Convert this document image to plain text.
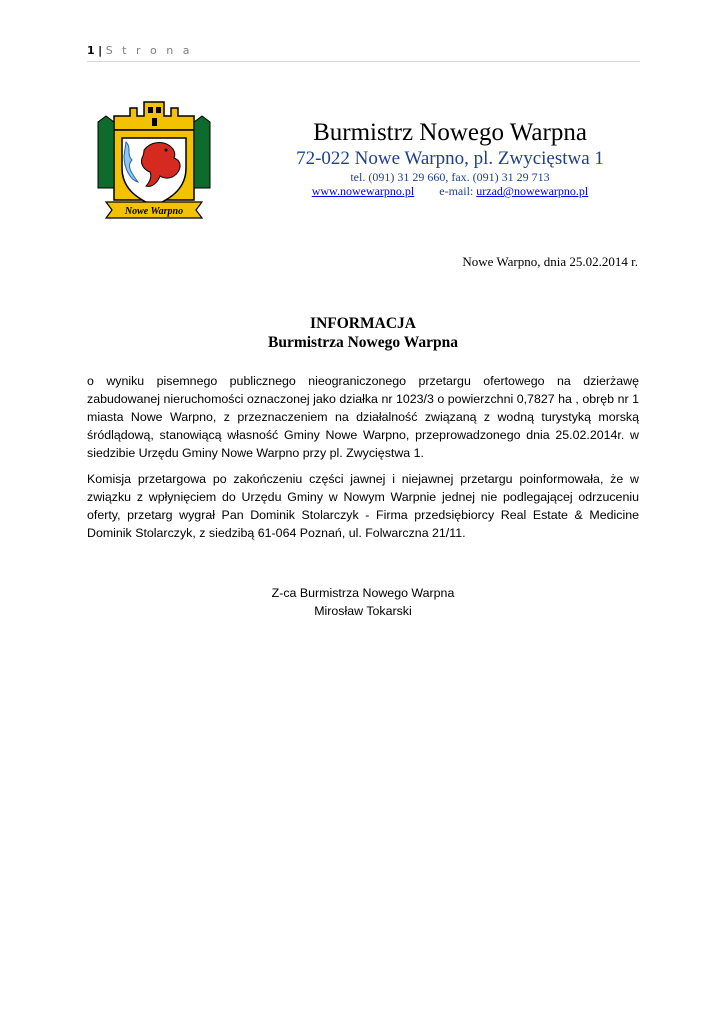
1 | S t r o n a
Nowe Warpno
Burmistrz Nowego Warpna
72-022 Nowe Warpno, pl. Zwycięstwa 1
tel. (091) 31 29 660, fax. (091) 31 29 713
www.nowewarpno.pl e-mail: urzad@nowewarpno.pl
Nowe Warpno, dnia 25.02.2014 r.
INFORMACJA
Burmistrza Nowego Warpna

o wyniku pisemnego publicznego nieograniczonego przetargu ofertowego na dzierżawę zabudowanej nieruchomości oznaczonej jako działka nr 1023/3 o powierzchni 0,7827 ha , obręb nr 1 miasta Nowe Warpno, z przeznaczeniem na działalność związaną z wodną turystyką morską śródlądową, stanowiącą własność Gminy Nowe Warpno, przeprowadzonego dnia 25.02.2014r. w siedzibie Urzędu Gminy Nowe Warpno przy pl. Zwycięstwa 1.

Komisja przetargowa po zakończeniu części jawnej i niejawnej przetargu poinformowała, że w związku z wpłynięciem do Urzędu Gminy w Nowym Warpnie jednej nie podlegającej odrzuceniu oferty, przetarg wygrał Pan Dominik Stolarczyk - Firma przedsiębiorcy Real Estate & Medicine Dominik Stolarczyk, z siedzibą 61-064 Poznań, ul. Folwarczna 21/11.

Z-ca Burmistrza Nowego Warpna
Mirosław Tokarski
